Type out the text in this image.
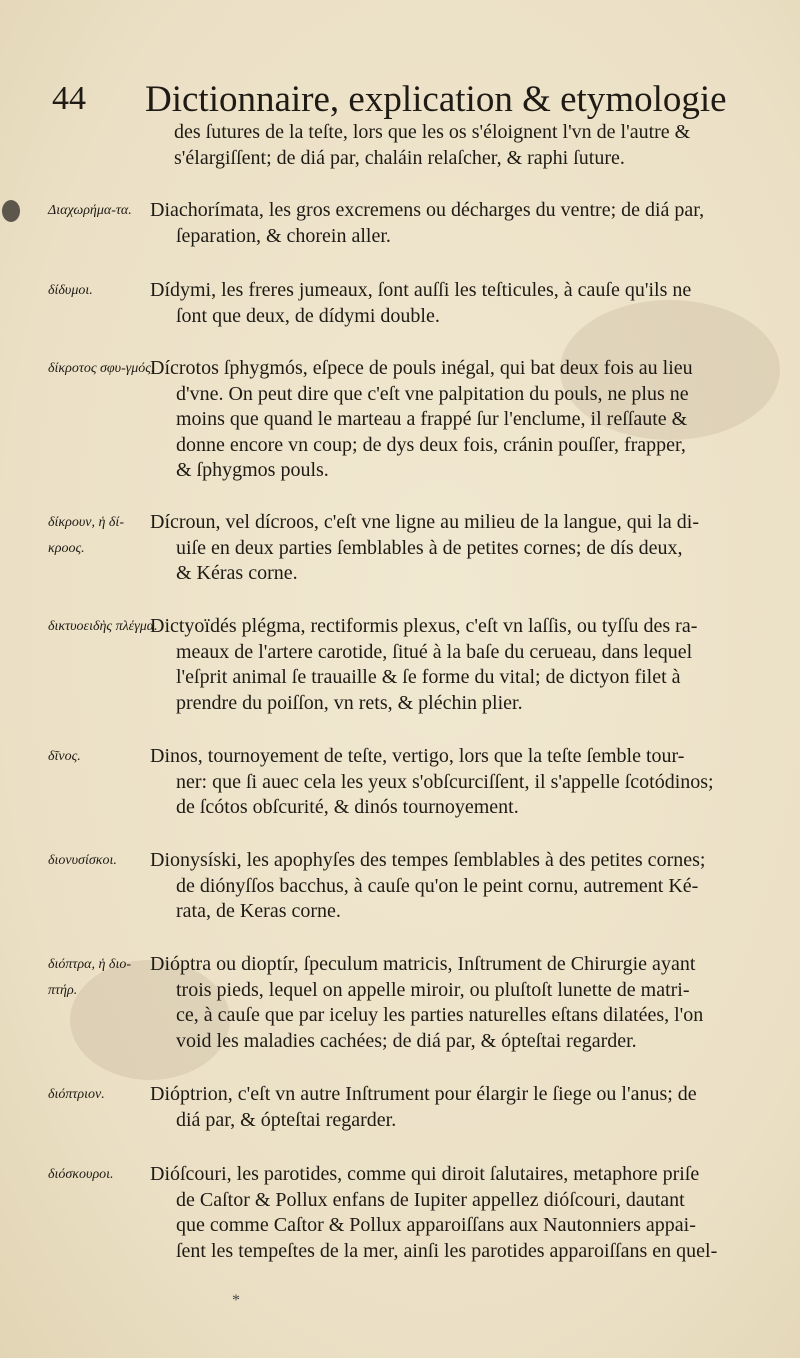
44 Dictionnaire, explication & etymologie
des ſutures de la teſte, lors que les os s'éloignent l'vn de l'autre &
s'élargiſſent; de diá par, chaláin relaſcher, & raphi ſuture.
Διαχωρήμα-τα. Diachorímata, les gros excremens ou décharges du ventre; de diá par,
ſeparation, & chorein aller.
δίδυμοι.	Dídymi, les freres jumeaux, ſont auſſi les teſticules, à cauſe qu'ils ne
ſont que deux, de dídymi double.
δίκροτος σφυ-γμός.
Dícrotos ſphygmós, eſpece de pouls inégal, qui bat deux fois au lieu
d'vne. On peut dire que c'eſt vne palpitation du pouls, ne plus ne
moins que quand le marteau a frappé ſur l'enclume, il reſſaute &
donne encore vn coup; de dys deux fois, cránin pouſſer, frapper,
& ſphygmos pouls.
δίκρουν, ἡ δί-κροος.
Dícroun, vel dícroos, c'eſt vne ligne au milieu de la langue, qui la di-
uiſe en deux parties ſemblables à de petites cornes; de dís deux,
& Kéras corne.
δικτυοειδὴς πλέγμα.
Dictyoïdés plégma, rectiformis plexus, c'eſt vn laſſis, ou tyſſu des ra-
meaux de l'artere carotide, ſitué à la baſe du cerueau, dans lequel
l'eſprit animal ſe trauaille & ſe forme du vital; de dictyon filet à
prendre du poiſſon, vn rets, & pléchin plier.
δῖνος.	Dinos, tournoyement de teſte, vertigo, lors que la teſte ſemble tour-
ner: que ſi auec cela les yeux s'obſcurciſſent, il s'appelle ſcotódinos;
de ſcótos obſcurité, & dinós tournoyement.
διονυσίσκοι.	Dionysíski, les apophyſes des tempes ſemblables à des petites cornes;
de diónyſſos bacchus, à cauſe qu'on le peint cornu, autrement Ké-
rata, de Keras corne.
διόπτρα, ἡ διο-πτήρ.
Dióptra ou dioptír, ſpeculum matricis, Inſtrument de Chirurgie ayant
trois pieds, lequel on appelle miroir, ou pluſtoſt lunette de matri-
ce, à cauſe que par iceluy les parties naturelles eſtans dilatées, l'on
void les maladies cachées; de diá par, & ópteſtai regarder.
διόπτριον.	Dióptrion, c'eſt vn autre Inſtrument pour élargir le ſiege ou l'anus; de
diá par, & ópteſtai regarder.
διόσκουροι.	Dióſcouri, les parotides, comme qui diroit ſalutaires, metaphore priſe
de Caſtor & Pollux enfans de Iupiter appellez dióſcouri, dautant
que comme Caſtor & Pollux apparoiſſans aux Nautonniers appai-
ſent les tempeſtes de la mer, ainſi les parotides apparoiſſans en quel-
*
